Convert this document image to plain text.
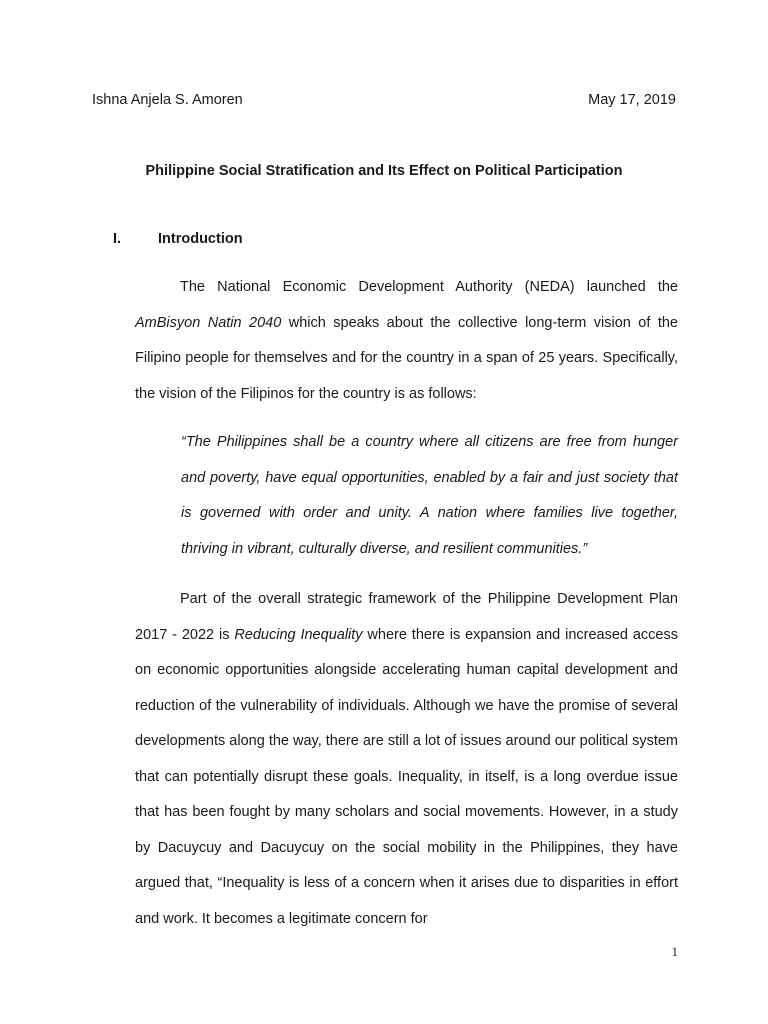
Ishna Anjela S. Amoren	May 17, 2019
Philippine Social Stratification and Its Effect on Political Participation
I.	Introduction

The National Economic Development Authority (NEDA) launched the AmBisyon Natin 2040 which speaks about the collective long-term vision of the Filipino people for themselves and for the country in a span of 25 years. Specifically, the vision of the Filipinos for the country is as follows:

“The Philippines shall be a country where all citizens are free from hunger and poverty, have equal opportunities, enabled by a fair and just society that is governed with order and unity. A nation where families live together, thriving in vibrant, culturally diverse, and resilient communities.”

Part of the overall strategic framework of the Philippine Development Plan 2017 - 2022 is Reducing Inequality where there is expansion and increased access on economic opportunities alongside accelerating human capital development and reduction of the vulnerability of individuals. Although we have the promise of several developments along the way, there are still a lot of issues around our political system that can potentially disrupt these goals. Inequality, in itself, is a long overdue issue that has been fought by many scholars and social movements. However, in a study by Dacuycuy and Dacuycuy on the social mobility in the Philippines, they have argued that, “Inequality is less of a concern when it arises due to disparities in effort and work. It becomes a legitimate concern for

1
